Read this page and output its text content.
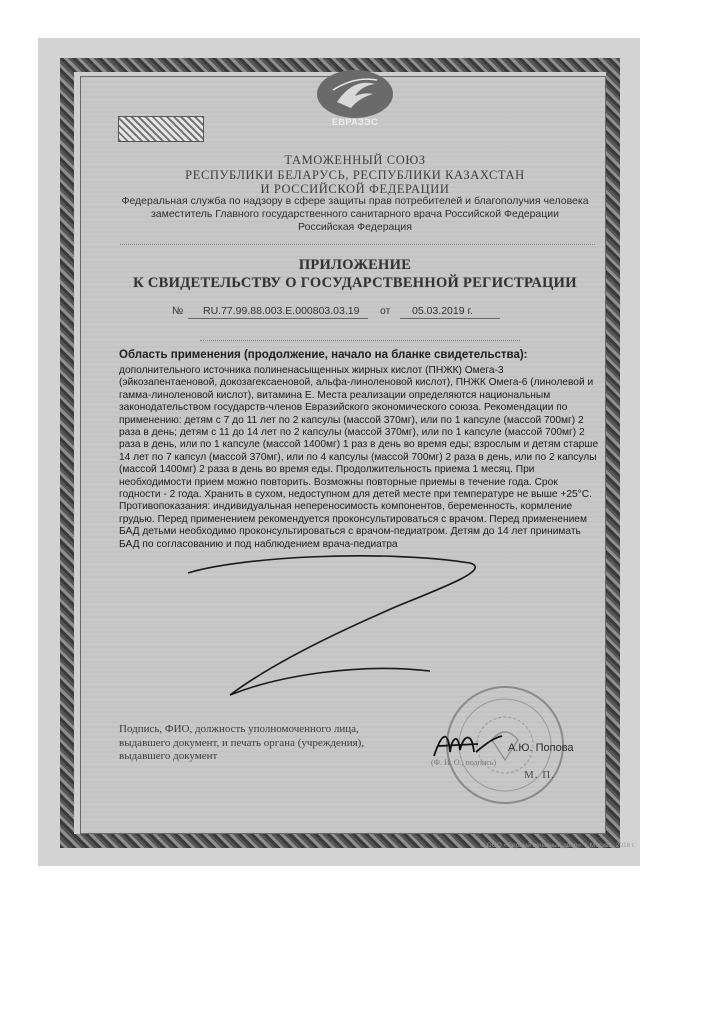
ЕВРАЗЭС
ТАМОЖЕННЫЙ СОЮЗ
РЕСПУБЛИКИ БЕЛАРУСЬ, РЕСПУБЛИКИ КАЗАХСТАН
И РОССИЙСКОЙ ФЕДЕРАЦИИ
Федеральная служба по надзору в сфере защиты прав потребителей и благополучия человека
заместитель Главного государственного санитарного врача Российской Федерации
Российская Федерация
ПРИЛОЖЕНИЕ
К СВИДЕТЕЛЬСТВУ О ГОСУДАРСТВЕННОЙ РЕГИСТРАЦИИ
№ RU.77.99.88.003.Е.000803.03.19 от 05.03.2019 г.
Область применения (продолжение, начало на бланке свидетельства):
дополнительного источника полиненасыщенных жирных кислот (ПНЖК) Омега-3 (эйкозапентаеновой, докозагексаеновой, альфа-линоленовой кислот), ПНЖК Омега-6 (линолевой и гамма-линоленовой кислот), витамина Е. Места реализации определяются национальным законодательством государств-членов Евразийского экономического союза. Рекомендации по применению: детям с 7 до 11 лет по 2 капсулы (массой 370мг), или по 1 капсуле (массой 700мг) 2 раза в день; детям с 11 до 14 лет по 2 капсулы (массой 370мг), или по 1 капсуле (массой 700мг) 2 раза в день, или по 1 капсуле (массой 1400мг) 1 раз в день во время еды; взрослым и детям старше 14 лет по 7 капсул (массой 370мг), или по 4 капсулы (массой 700мг) 2 раза в день, или по 2 капсулы (массой 1400мг) 2 раза в день во время еды. Продолжительность приема 1 месяц. При необходимости прием можно повторить. Возможны повторные приемы в течение года. Срок годности - 2 года. Хранить в сухом, недоступном для детей месте при температуре не выше +25°С. Противопоказания: индивидуальная непереносимость компонентов, беременность, кормление грудью. Перед применением рекомендуется проконсультироваться с врачом. Перед применением БАД детьми необходимо проконсультироваться с врачом-педиатром. Детям до 14 лет принимать БАД по согласованию и под наблюдением врача-педиатра
Подпись, ФИО, должность уполномоченного лица, выдавшего документ, и печать органа (учреждения), выдавшего документ
А.Ю. Попова
(Ф. И. О., подпись)
М. П.
© ООО «Первый печатный двор», г. Москва, 2018 г.
